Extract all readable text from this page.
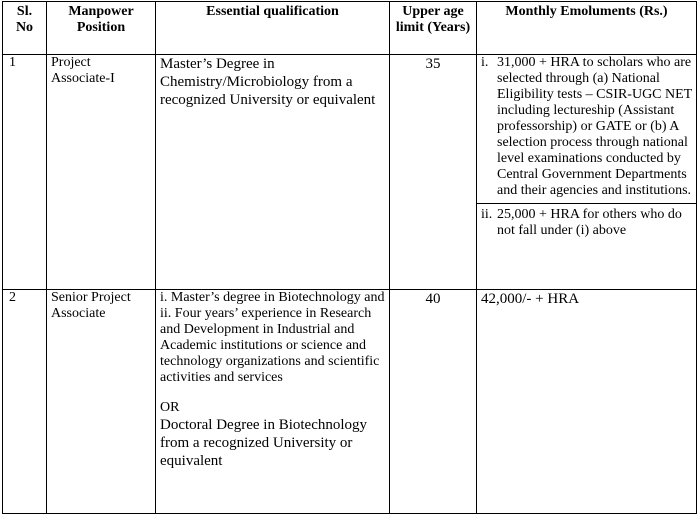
Sl. No	Manpower Position	Essential qualification	Upper age limit (Years)	Monthly Emoluments (Rs.)
1	Project Associate-I	Master’s Degree in Chemistry/Microbiology from a recognized University or equivalent	35	i. 31,000 + HRA to scholars who are selected through (a) National Eligibility tests – CSIR-UGC NET including lectureship (Assistant professorship) or GATE or (b) A selection process through national level examinations conducted by Central Government Departments and their agencies and institutions.
ii. 25,000 + HRA for others who do not fall under (i) above

2	Senior Project Associate	i. Master’s degree in Biotechnology and
ii. Four years’ experience in Research and Development in Industrial and Academic institutions or science and technology organizations and scientific activities and services
OR
Doctoral Degree in Biotechnology from a recognized University or equivalent	40	42,000/- + HRA
